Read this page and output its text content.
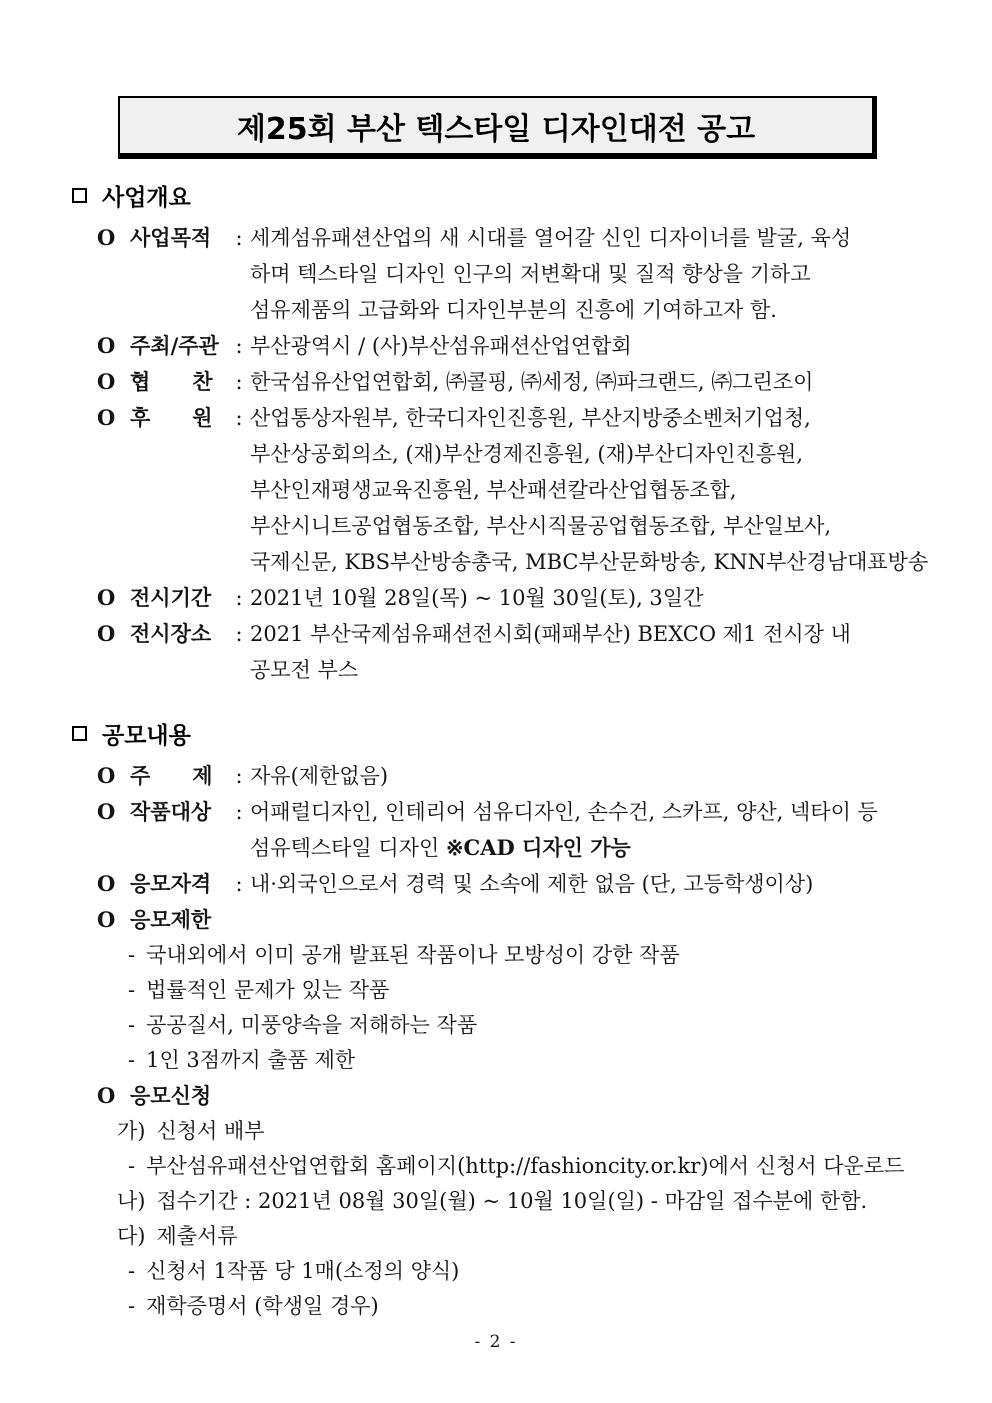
제25회 부산 텍스타일 디자인대전 공고
사업개요
O 사업목적	: 세계섬유패션산업의 새 시대를 열어갈 신인 디자이너를 발굴, 육성
하며 텍스타일 디자인 인구의 저변확대 및 질적 향상을 기하고
섬유제품의 고급화와 디자인부분의 진흥에 기여하고자 함.
O 주최/주관 : 부산광역시 / (사)부산섬유패션산업연합회
O 협　　찬	: 한국섬유산업연합회, ㈜콜핑, ㈜세정, ㈜파크랜드, ㈜그린조이
O 후　　원	: 산업통상자원부, 한국디자인진흥원, 부산지방중소벤처기업청,
부산상공회의소, (재)부산경제진흥원, (재)부산디자인진흥원,
부산인재평생교육진흥원, 부산패션칼라산업협동조합,
부산시니트공업협동조합, 부산시직물공업협동조합, 부산일보사,
국제신문, KBS부산방송총국, MBC부산문화방송, KNN부산경남대표방송
O 전시기간	: 2021년 10월 28일(목) ~ 10월 30일(토), 3일간
O 전시장소	: 2021 부산국제섬유패션전시회(패패부산) BEXCO 제1 전시장 내
공모전 부스
공모내용
O 주　　제	: 자유(제한없음)
O 작품대상	: 어패럴디자인, 인테리어 섬유디자인, 손수건, 스카프, 양산, 넥타이 등
섬유텍스타일 디자인 ※CAD 디자인 가능
O 응모자격	: 내·외국인으로서 경력 및 소속에 제한 없음 (단, 고등학생이상)
O 응모제한
- 국내외에서 이미 공개 발표된 작품이나 모방성이 강한 작품
- 법률적인 문제가 있는 작품
- 공공질서, 미풍양속을 저해하는 작품
- 1인 3점까지 출품 제한
O 응모신청
가) 신청서 배부
- 부산섬유패션산업연합회 홈페이지(http://fashioncity.or.kr)에서 신청서 다운로드
나) 접수기간 : 2021년 08월 30일(월) ~ 10월 10일(일) - 마감일 접수분에 한함.
다) 제출서류
- 신청서 1작품 당 1매(소정의 양식)
- 재학증명서 (학생일 경우)
- 2 -
